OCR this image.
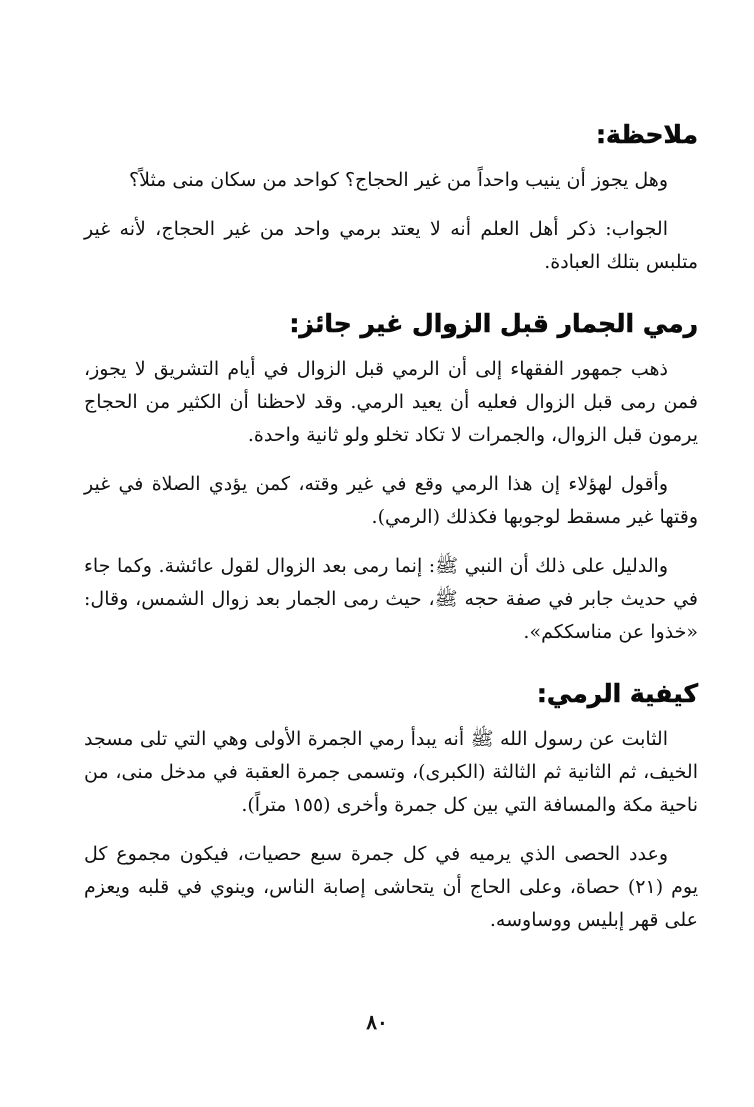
ملاحظة:

وهل يجوز أن ينيب واحداً من غير الحجاج؟ كواحد من سكان منى مثلاً؟

الجواب: ذكر أهل العلم أنه لا يعتد برمي واحد من غير الحجاج، لأنه غير متلبس بتلك العبادة.

رمي الجمار قبل الزوال غير جائز:

ذهب جمهور الفقهاء إلى أن الرمي قبل الزوال في أيام التشريق لا يجوز، فمن رمى قبل الزوال فعليه أن يعيد الرمي. وقد لاحظنا أن الكثير من الحجاج يرمون قبل الزوال، والجمرات لا تكاد تخلو ولو ثانية واحدة.

وأقول لهؤلاء إن هذا الرمي وقع في غير وقته، كمن يؤدي الصلاة في غير وقتها غير مسقط لوجوبها فكذلك (الرمي).

والدليل على ذلك أن النبي ﷺ: إنما رمى بعد الزوال لقول عائشة. وكما جاء في حديث جابر في صفة حجه ﷺ، حيث رمى الجمار بعد زوال الشمس، وقال: «خذوا عن مناسككم».

كيفية الرمي:

الثابت عن رسول الله ﷺ أنه يبدأ رمي الجمرة الأولى وهي التي تلى مسجد الخيف، ثم الثانية ثم الثالثة (الكبرى)، وتسمى جمرة العقبة في مدخل منى، من ناحية مكة والمسافة التي بين كل جمرة وأخرى (١٥٥ متراً).

وعدد الحصى الذي يرميه في كل جمرة سبع حصيات، فيكون مجموع كل يوم (٢١) حصاة، وعلى الحاج أن يتحاشى إصابة الناس، وينوي في قلبه ويعزم على قهر إبليس ووساوسه.

٨٠
